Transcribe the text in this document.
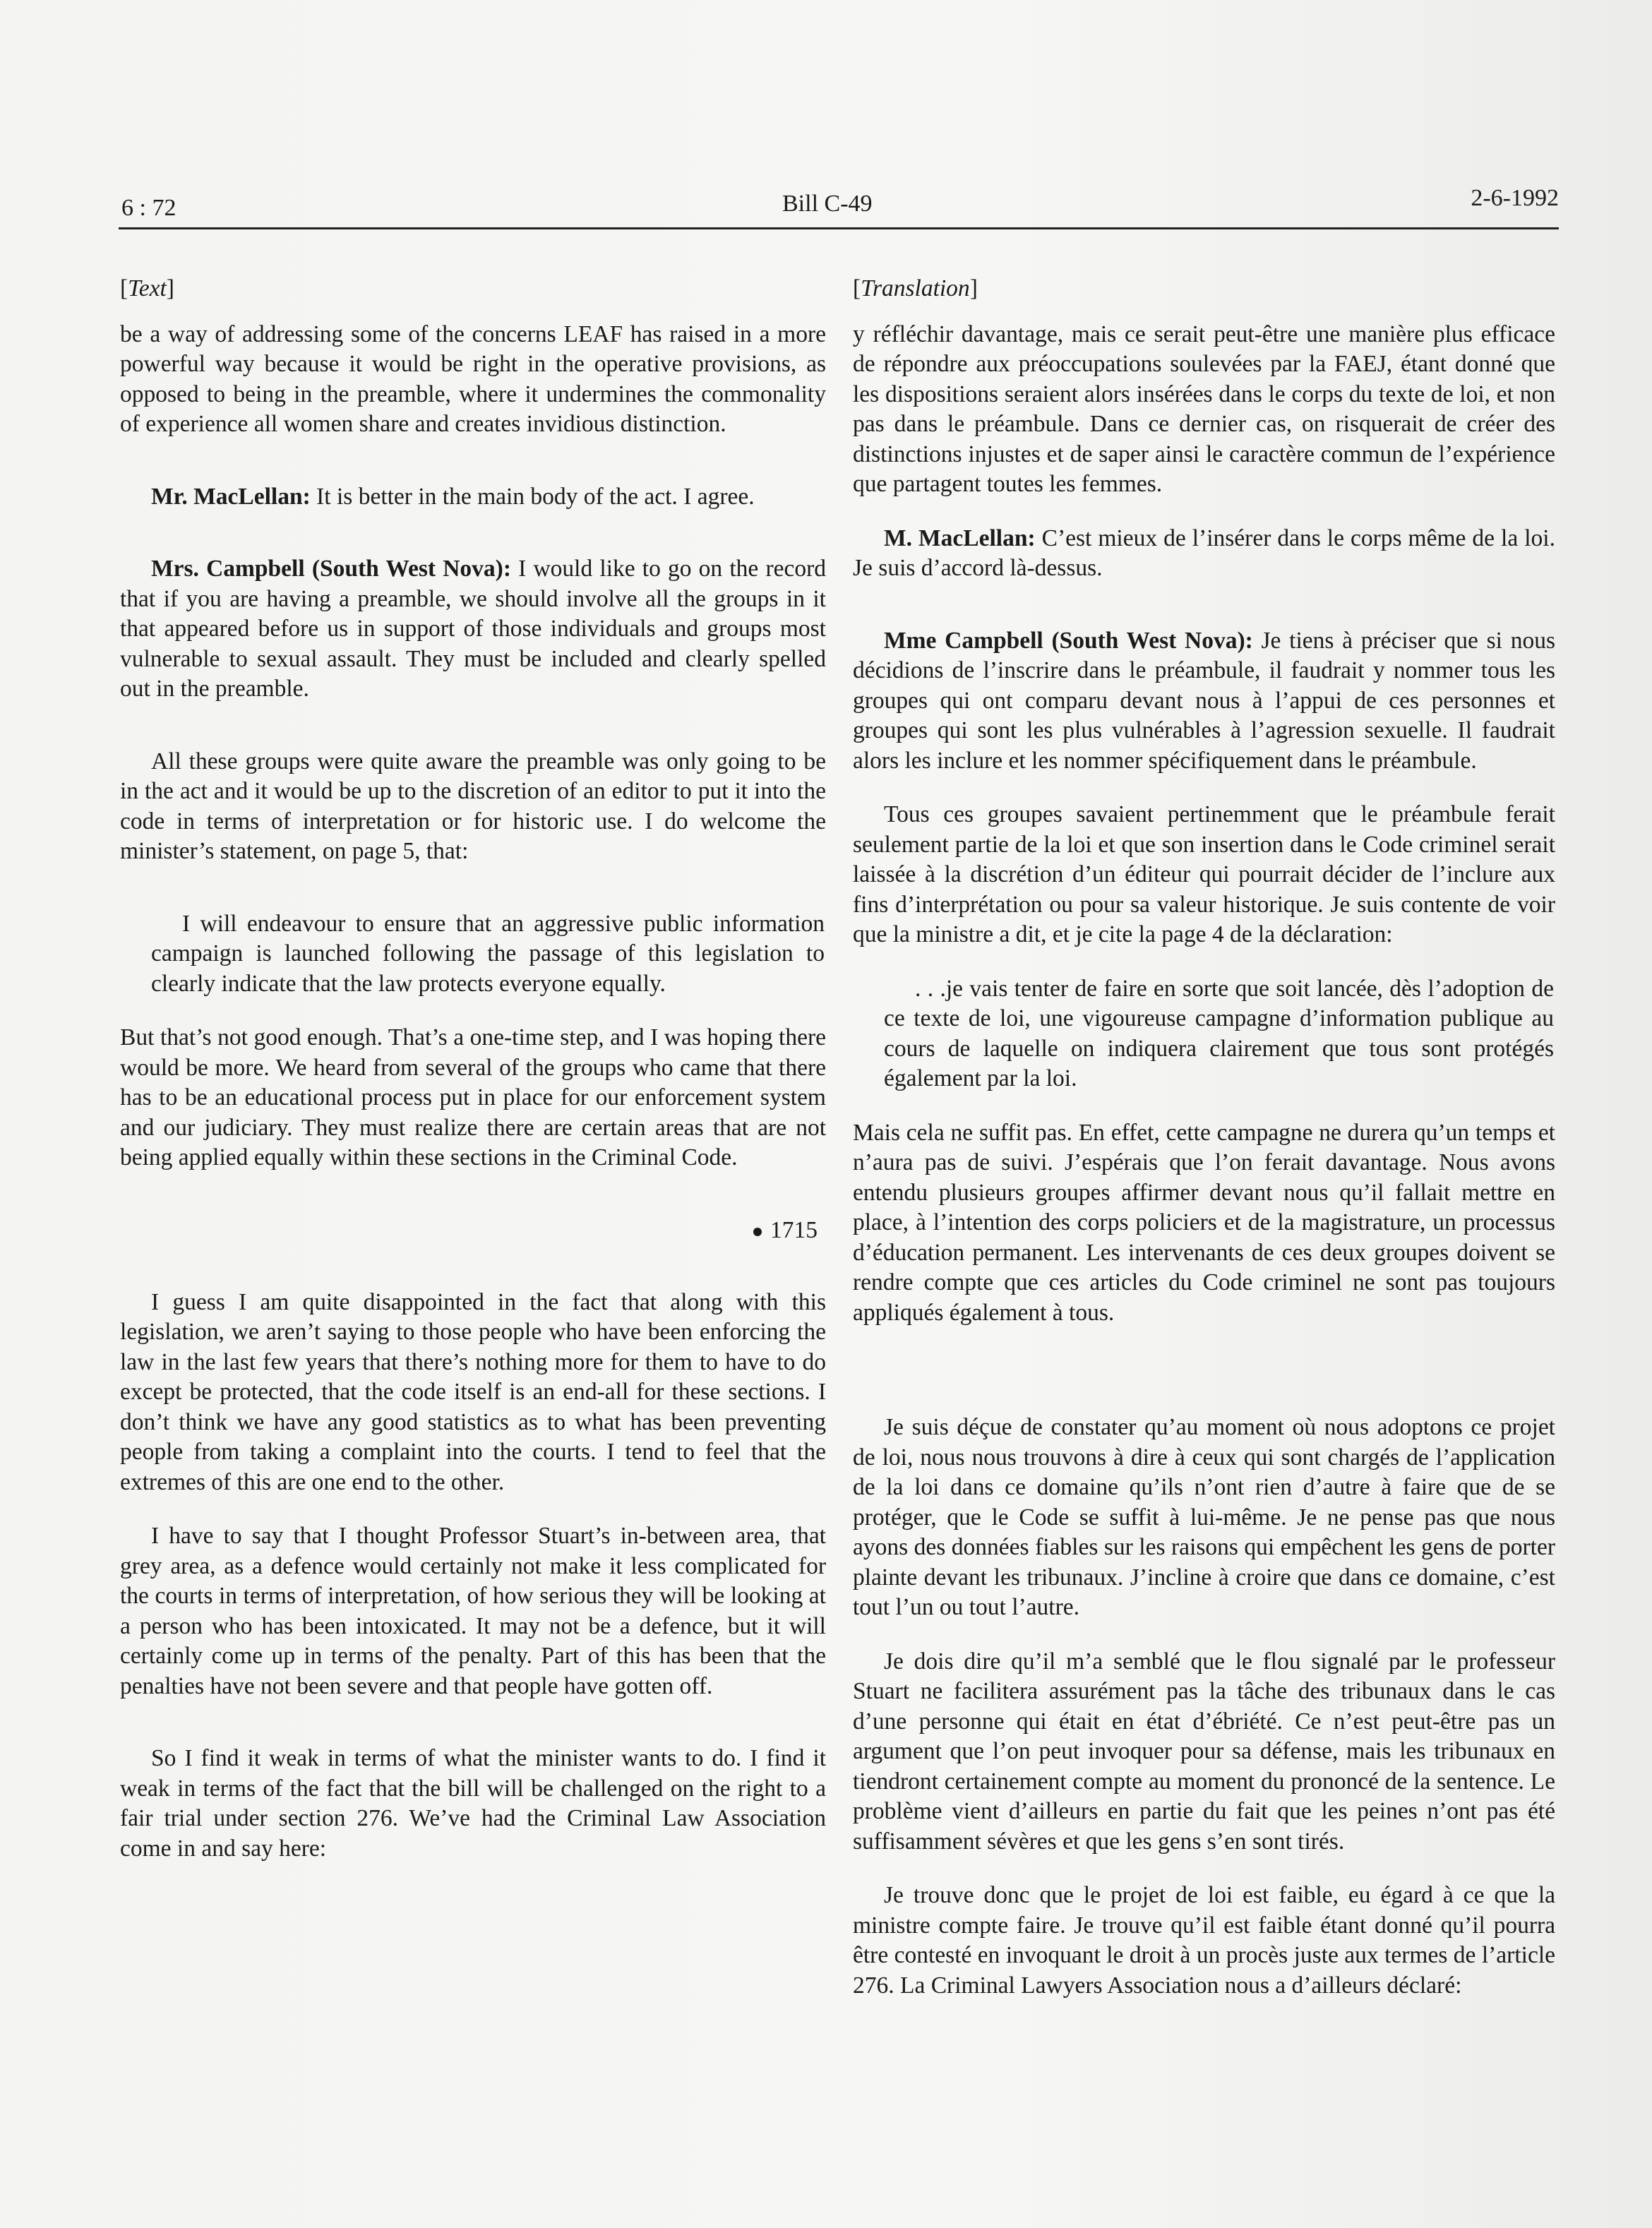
6 : 72	Bill C-49	2-6-1992

[Text]

be a way of addressing some of the concerns LEAF has raised in a more powerful way because it would be right in the operative provisions, as opposed to being in the preamble, where it undermines the commonality of experience all women share and creates invidious distinction.

Mr. MacLellan: It is better in the main body of the act. I agree.

Mrs. Campbell (South West Nova): I would like to go on the record that if you are having a preamble, we should involve all the groups in it that appeared before us in support of those individuals and groups most vulnerable to sexual assault. They must be included and clearly spelled out in the preamble.

All these groups were quite aware the preamble was only going to be in the act and it would be up to the discretion of an editor to put it into the code in terms of interpretation or for historic use. I do welcome the minister’s statement, on page 5, that:

I will endeavour to ensure that an aggressive public information campaign is launched following the passage of this legislation to clearly indicate that the law protects everyone equally.

But that’s not good enough. That’s a one-time step, and I was hoping there would be more. We heard from several of the groups who came that there has to be an educational process put in place for our enforcement system and our judiciary. They must realize there are certain areas that are not being applied equally within these sections in the Criminal Code.

1715

I guess I am quite disappointed in the fact that along with this legislation, we aren’t saying to those people who have been enforcing the law in the last few years that there’s nothing more for them to have to do except be protected, that the code itself is an end-all for these sections. I don’t think we have any good statistics as to what has been preventing people from taking a complaint into the courts. I tend to feel that the extremes of this are one end to the other.

I have to say that I thought Professor Stuart’s in-between area, that grey area, as a defence would certainly not make it less complicated for the courts in terms of interpretation, of how serious they will be looking at a person who has been intoxicated. It may not be a defence, but it will certainly come up in terms of the penalty. Part of this has been that the penalties have not been severe and that people have gotten off.

So I find it weak in terms of what the minister wants to do. I find it weak in terms of the fact that the bill will be challenged on the right to a fair trial under section 276. We’ve had the Criminal Law Association come in and say here:

[Translation]

y réfléchir davantage, mais ce serait peut-être une manière plus efficace de répondre aux préoccupations soulevées par la FAEJ, étant donné que les dispositions seraient alors insérées dans le corps du texte de loi, et non pas dans le préambule. Dans ce dernier cas, on risquerait de créer des distinctions injustes et de saper ainsi le caractère commun de l’expérience que partagent toutes les femmes.

M. MacLellan: C’est mieux de l’insérer dans le corps même de la loi. Je suis d’accord là-dessus.

Mme Campbell (South West Nova): Je tiens à préciser que si nous décidions de l’inscrire dans le préambule, il faudrait y nommer tous les groupes qui ont comparu devant nous à l’appui de ces personnes et groupes qui sont les plus vulnérables à l’agression sexuelle. Il faudrait alors les inclure et les nommer spécifiquement dans le préambule.

Tous ces groupes savaient pertinemment que le préambule ferait seulement partie de la loi et que son insertion dans le Code criminel serait laissée à la discrétion d’un éditeur qui pourrait décider de l’inclure aux fins d’interprétation ou pour sa valeur historique. Je suis contente de voir que la ministre a dit, et je cite la page 4 de la déclaration:

. . .je vais tenter de faire en sorte que soit lancée, dès l’adoption de ce texte de loi, une vigoureuse campagne d’information publique au cours de laquelle on indiquera clairement que tous sont protégés également par la loi.

Mais cela ne suffit pas. En effet, cette campagne ne durera qu’un temps et n’aura pas de suivi. J’espérais que l’on ferait davantage. Nous avons entendu plusieurs groupes affirmer devant nous qu’il fallait mettre en place, à l’intention des corps policiers et de la magistrature, un processus d’éducation permanent. Les intervenants de ces deux groupes doivent se rendre compte que ces articles du Code criminel ne sont pas toujours appliqués également à tous.

Je suis déçue de constater qu’au moment où nous adoptons ce projet de loi, nous nous trouvons à dire à ceux qui sont chargés de l’application de la loi dans ce domaine qu’ils n’ont rien d’autre à faire que de se protéger, que le Code se suffit à lui-même. Je ne pense pas que nous ayons des données fiables sur les raisons qui empêchent les gens de porter plainte devant les tribunaux. J’incline à croire que dans ce domaine, c’est tout l’un ou tout l’autre.

Je dois dire qu’il m’a semblé que le flou signalé par le professeur Stuart ne facilitera assurément pas la tâche des tribunaux dans le cas d’une personne qui était en état d’ébriété. Ce n’est peut-être pas un argument que l’on peut invoquer pour sa défense, mais les tribunaux en tiendront certainement compte au moment du prononcé de la sentence. Le problème vient d’ailleurs en partie du fait que les peines n’ont pas été suffisamment sévères et que les gens s’en sont tirés.

Je trouve donc que le projet de loi est faible, eu égard à ce que la ministre compte faire. Je trouve qu’il est faible étant donné qu’il pourra être contesté en invoquant le droit à un procès juste aux termes de l’article 276. La Criminal Lawyers Association nous a d’ailleurs déclaré:
